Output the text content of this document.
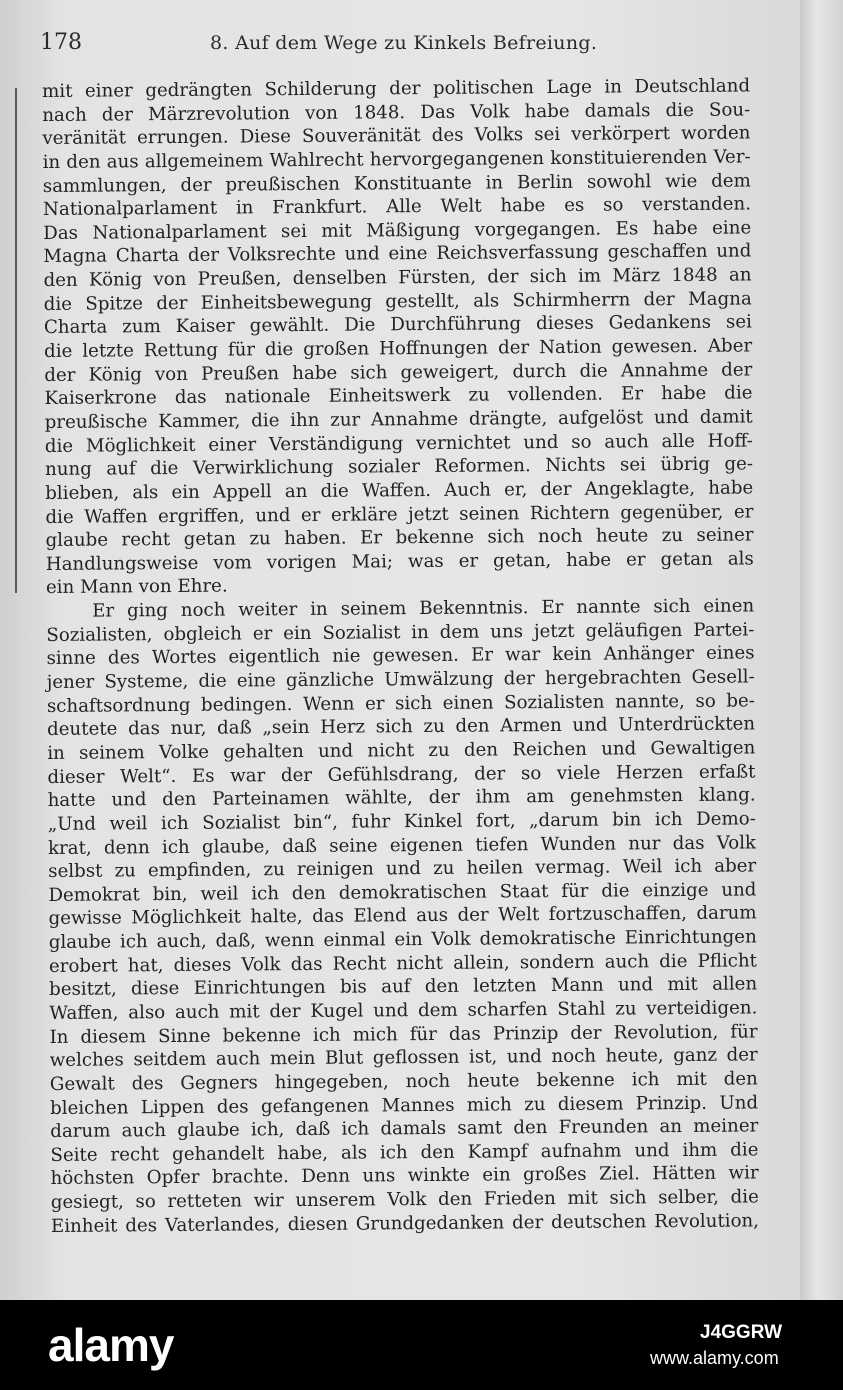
178	8. Auf dem Wege zu Kinkels Befreiung.
mit einer gedrängten Schilderung der politischen Lage in Deutschland
nach der Märzrevolution von 1848. Das Volk habe damals die Sou-
veränität errungen. Diese Souveränität des Volks sei verkörpert worden
in den aus allgemeinem Wahlrecht hervorgegangenen konstituierenden Ver-
sammlungen, der preußischen Konstituante in Berlin sowohl wie dem
Nationalparlament in Frankfurt. Alle Welt habe es so verstanden.
Das Nationalparlament sei mit Mäßigung vorgegangen. Es habe eine
Magna Charta der Volksrechte und eine Reichsverfassung geschaffen und
den König von Preußen, denselben Fürsten, der sich im März 1848 an
die Spitze der Einheitsbewegung gestellt, als Schirmherrn der Magna
Charta zum Kaiser gewählt. Die Durchführung dieses Gedankens sei
die letzte Rettung für die großen Hoffnungen der Nation gewesen. Aber
der König von Preußen habe sich geweigert, durch die Annahme der
Kaiserkrone das nationale Einheitswerk zu vollenden. Er habe die
preußische Kammer, die ihn zur Annahme drängte, aufgelöst und damit
die Möglichkeit einer Verständigung vernichtet und so auch alle Hoff-
nung auf die Verwirklichung sozialer Reformen. Nichts sei übrig ge-
blieben, als ein Appell an die Waffen. Auch er, der Angeklagte, habe
die Waffen ergriffen, und er erkläre jetzt seinen Richtern gegenüber, er
glaube recht getan zu haben. Er bekenne sich noch heute zu seiner
Handlungsweise vom vorigen Mai; was er getan, habe er getan als
ein Mann von Ehre.
Er ging noch weiter in seinem Bekenntnis. Er nannte sich einen
Sozialisten, obgleich er ein Sozialist in dem uns jetzt geläufigen Partei-
sinne des Wortes eigentlich nie gewesen. Er war kein Anhänger eines
jener Systeme, die eine gänzliche Umwälzung der hergebrachten Gesell-
schaftsordnung bedingen. Wenn er sich einen Sozialisten nannte, so be-
deutete das nur, daß „sein Herz sich zu den Armen und Unterdrückten
in seinem Volke gehalten und nicht zu den Reichen und Gewaltigen
dieser Welt“. Es war der Gefühlsdrang, der so viele Herzen erfaßt
hatte und den Parteinamen wählte, der ihm am genehmsten klang.
„Und weil ich Sozialist bin“, fuhr Kinkel fort, „darum bin ich Demo-
krat, denn ich glaube, daß seine eigenen tiefen Wunden nur das Volk
selbst zu empfinden, zu reinigen und zu heilen vermag. Weil ich aber
Demokrat bin, weil ich den demokratischen Staat für die einzige und
gewisse Möglichkeit halte, das Elend aus der Welt fortzuschaffen, darum
glaube ich auch, daß, wenn einmal ein Volk demokratische Einrichtungen
erobert hat, dieses Volk das Recht nicht allein, sondern auch die Pflicht
besitzt, diese Einrichtungen bis auf den letzten Mann und mit allen
Waffen, also auch mit der Kugel und dem scharfen Stahl zu verteidigen.
In diesem Sinne bekenne ich mich für das Prinzip der Revolution, für
welches seitdem auch mein Blut geflossen ist, und noch heute, ganz der
Gewalt des Gegners hingegeben, noch heute bekenne ich mit den
bleichen Lippen des gefangenen Mannes mich zu diesem Prinzip. Und
darum auch glaube ich, daß ich damals samt den Freunden an meiner
Seite recht gehandelt habe, als ich den Kampf aufnahm und ihm die
höchsten Opfer brachte. Denn uns winkte ein großes Ziel. Hätten wir
gesiegt, so retteten wir unserem Volk den Frieden mit sich selber, die
Einheit des Vaterlandes, diesen Grundgedanken der deutschen Revolution,
alamy	J4GGRW
www.alamy.com
